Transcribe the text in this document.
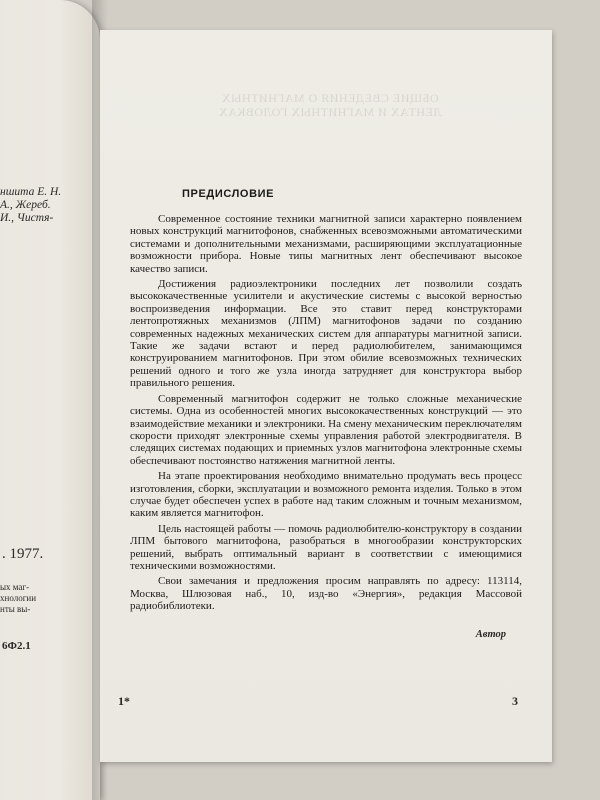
ншита Е. Н.
А., Жереб.
И., Чистя-
. 1977.
ых маг-
хнологии
нты вы-
6Ф2.1
ОБЩИЕ СВЕДЕНИЯ О МАГНИТНЫХ
ЛЕНТАХ И МАГНИТНЫХ ГОЛОВКАХ
ПРЕДИСЛОВИЕ

Современное состояние техники магнитной записи характерно появлением новых конструкций магнитофонов, снабженных всевозможными автоматическими системами и дополнительными механизмами, расширяющими эксплуатационные возможности прибора. Новые типы магнитных лент обеспечивают высокое качество записи.

Достижения радиоэлектроники последних лет позволили создать высококачественные усилители и акустические системы с высокой верностью воспроизведения информации. Все это ставит перед конструкторами лентопротяжных механизмов (ЛПМ) магнитофонов задачи по созданию современных надежных механических систем для аппаратуры магнитной записи. Такие же задачи встают и перед радиолюбителем, занимающимся конструированием магнитофонов. При этом обилие всевозможных технических решений одного и того же узла иногда затрудняет для конструктора выбор правильного решения.

Современный магнитофон содержит не только сложные механические системы. Одна из особенностей многих высококачественных конструкций — это взаимодействие механики и электроники. На смену механическим переключателям скорости приходят электронные схемы управления работой электродвигателя. В следящих системах подающих и приемных узлов магнитофона электронные схемы обеспечивают постоянство натяжения магнитной ленты.

На этапе проектирования необходимо внимательно продумать весь процесс изготовления, сборки, эксплуатации и возможного ремонта изделия. Только в этом случае будет обеспечен успех в работе над таким сложным и точным механизмом, каким является магнитофон.

Цель настоящей работы — помочь радиолюбителю-конструктору в создании ЛПМ бытового магнитофона, разобраться в многообразии конструкторских решений, выбрать оптимальный вариант в соответствии с имеющимися техническими возможностями.

Свои замечания и предложения просим направлять по адресу: 113114, Москва, Шлюзовая наб., 10, изд-во «Энергия», редакция Массовой радиобиблиотеки.

Автор
1*	3
